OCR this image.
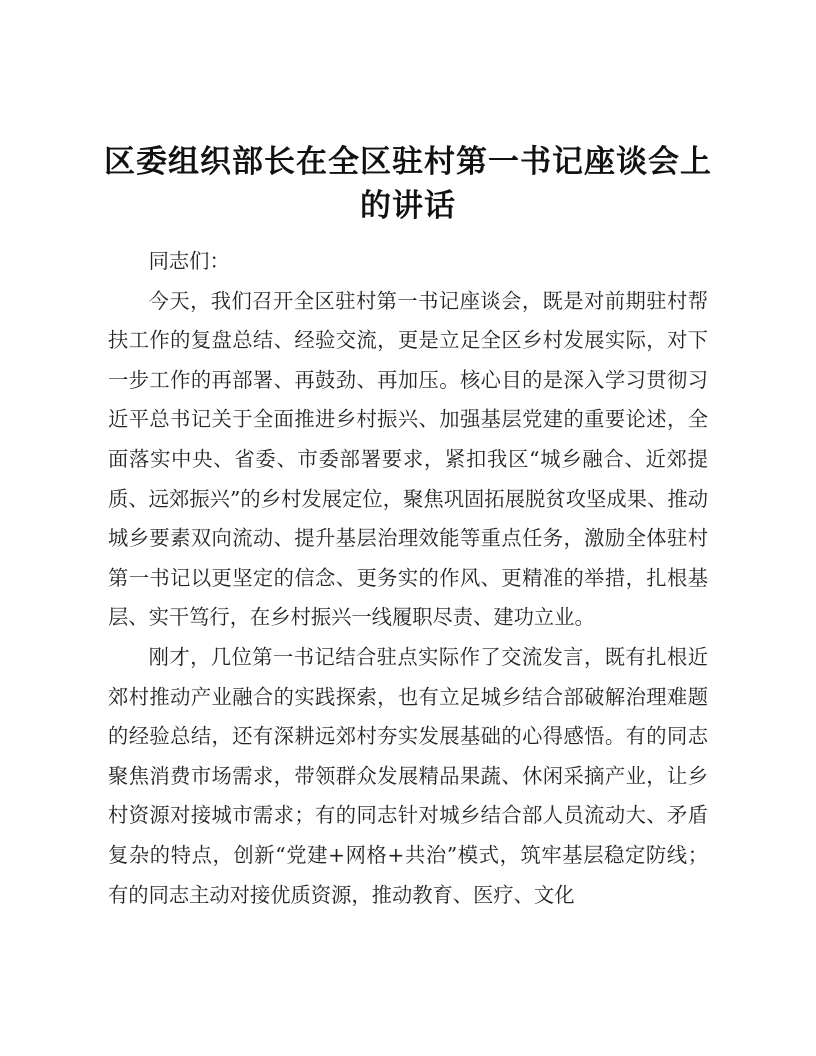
区委组织部长在全区驻村第一书记座谈会上的讲话

同志们：

今天，我们召开全区驻村第一书记座谈会，既是对前期驻村帮扶工作的复盘总结、经验交流，更是立足全区乡村发展实际，对下一步工作的再部署、再鼓劲、再加压。核心目的是深入学习贯彻习近平总书记关于全面推进乡村振兴、加强基层党建的重要论述，全面落实中央、省委、市委部署要求，紧扣我区“城乡融合、近郊提质、远郊振兴”的乡村发展定位，聚焦巩固拓展脱贫攻坚成果、推动城乡要素双向流动、提升基层治理效能等重点任务，激励全体驻村第一书记以更坚定的信念、更务实的作风、更精准的举措，扎根基层、实干笃行，在乡村振兴一线履职尽责、建功立业。

刚才，几位第一书记结合驻点实际作了交流发言，既有扎根近郊村推动产业融合的实践探索，也有立足城乡结合部破解治理难题的经验总结，还有深耕远郊村夯实发展基础的心得感悟。有的同志聚焦消费市场需求，带领群众发展精品果蔬、休闲采摘产业，让乡村资源对接城市需求；有的同志针对城乡结合部人员流动大、矛盾复杂的特点，创新“党建+网格+共治”模式，筑牢基层稳定防线；有的同志主动对接优质资源，推动教育、医疗、文化
